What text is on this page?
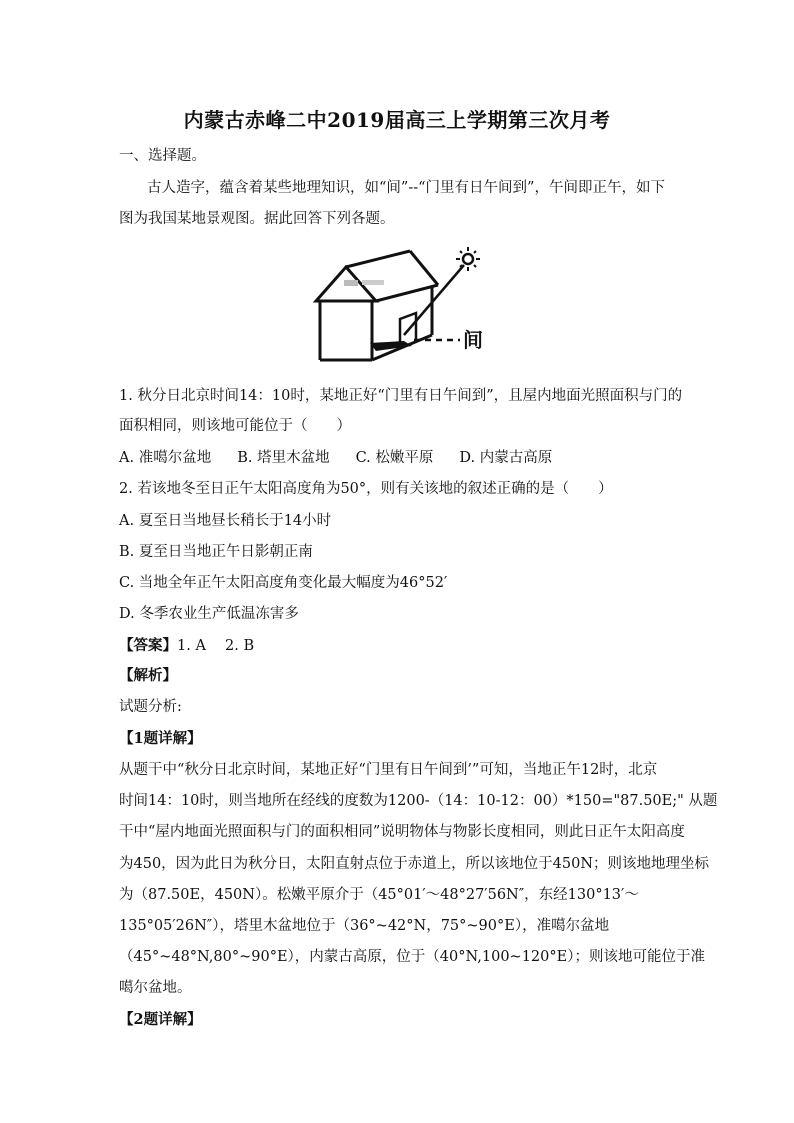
内蒙古赤峰二中2019届高三上学期第三次月考
一、选择题。
古人造字，蕴含着某些地理知识，如“间”--“门里有日午间到”，午间即正午，如下
图为我国某地景观图。据此回答下列各题。
间
1. 秋分日北京时间14：10时，某地正好“门里有日午间到”，且屋内地面光照面积与门的
面积相同，则该地可能位于（　　）
A. 准噶尔盆地 B. 塔里木盆地 C. 松嫩平原 D. 内蒙古高原
2. 若该地冬至日正午太阳高度角为50°，则有关该地的叙述正确的是（　　）
A. 夏至日当地昼长稍长于14小时
B. 夏至日当地正午日影朝正南
C. 当地全年正午太阳高度角变化最大幅度为46°52′
D. 冬季农业生产低温冻害多
【答案】1. A　 2. B
【解析】
试题分析:
【1题详解】
从题干中“秋分日北京时间，某地正好“门里有日午间到’”可知，当地正午12时，北京
时间14：10时，则当地所在经线的度数为1200-（14：10-12：00）*150="87.50E;" 从题
干中“屋内地面光照面积与门的面积相同”说明物体与物影长度相同，则此日正午太阳高度
为450，因为此日为秋分日，太阳直射点位于赤道上，所以该地位于450N；则该地地理坐标
为（87.50E，450N）。松嫩平原介于（45°01′～48°27′56N″，东经130°13′～
135°05′26N″），塔里木盆地位于（36°~42°N，75°~90°E），准噶尔盆地
（45°~48°N,80°~90°E），内蒙古高原，位于（40°N,100~120°E）；则该地可能位于准
噶尔盆地。
【2题详解】
